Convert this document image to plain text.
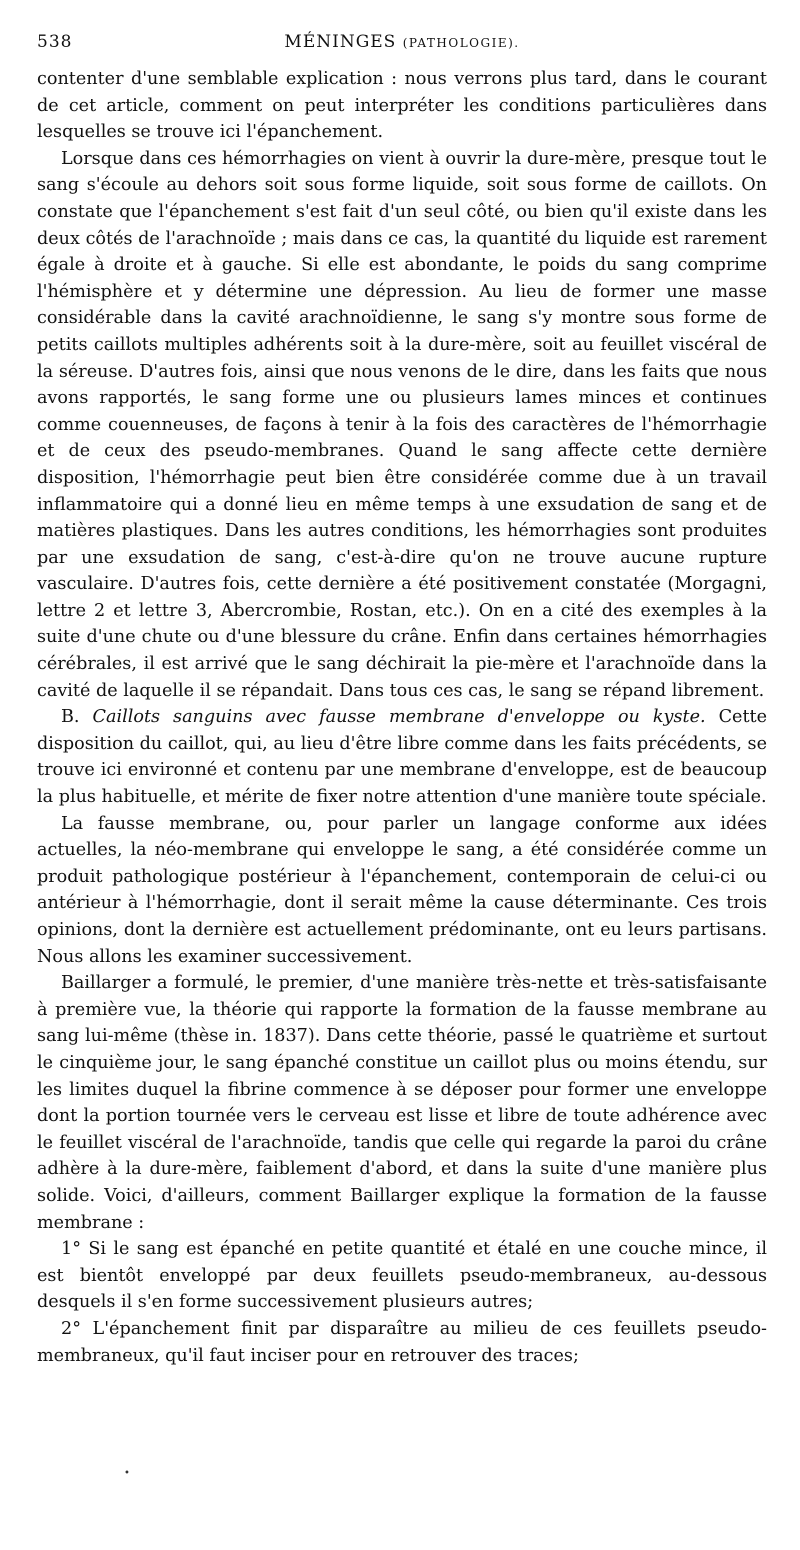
538	MÉNINGES (PATHOLOGIE).

contenter d'une semblable explication : nous verrons plus tard, dans le courant de cet article, comment on peut interpréter les conditions particulières dans lesquelles se trouve ici l'épanchement.

Lorsque dans ces hémorrhagies on vient à ouvrir la dure-mère, presque tout le sang s'écoule au dehors soit sous forme liquide, soit sous forme de caillots. On constate que l'épanchement s'est fait d'un seul côté, ou bien qu'il existe dans les deux côtés de l'arachnoïde ; mais dans ce cas, la quantité du liquide est rarement égale à droite et à gauche. Si elle est abondante, le poids du sang comprime l'hémisphère et y détermine une dépression. Au lieu de former une masse considérable dans la cavité arachnoïdienne, le sang s'y montre sous forme de petits caillots multiples adhérents soit à la dure-mère, soit au feuillet viscéral de la séreuse. D'autres fois, ainsi que nous venons de le dire, dans les faits que nous avons rapportés, le sang forme une ou plusieurs lames minces et continues comme couenneuses, de façons à tenir à la fois des caractères de l'hémorrhagie et de ceux des pseudo-membranes. Quand le sang affecte cette dernière disposition, l'hémorrhagie peut bien être considérée comme due à un travail inflammatoire qui a donné lieu en même temps à une exsudation de sang et de matières plastiques. Dans les autres conditions, les hémorrhagies sont produites par une exsudation de sang, c'est-à-dire qu'on ne trouve aucune rupture vasculaire. D'autres fois, cette dernière a été positivement constatée (Morgagni, lettre 2 et lettre 3, Abercrombie, Rostan, etc.). On en a cité des exemples à la suite d'une chute ou d'une blessure du crâne. Enfin dans certaines hémorrhagies cérébrales, il est arrivé que le sang déchirait la pie-mère et l'arachnoïde dans la cavité de laquelle il se répandait. Dans tous ces cas, le sang se répand librement.

B. Caillots sanguins avec fausse membrane d'enveloppe ou kyste. Cette disposition du caillot, qui, au lieu d'être libre comme dans les faits précédents, se trouve ici environné et contenu par une membrane d'enveloppe, est de beaucoup la plus habituelle, et mérite de fixer notre attention d'une manière toute spéciale.

La fausse membrane, ou, pour parler un langage conforme aux idées actuelles, la néo-membrane qui enveloppe le sang, a été considérée comme un produit pathologique postérieur à l'épanchement, contemporain de celui-ci ou antérieur à l'hémorrhagie, dont il serait même la cause déterminante. Ces trois opinions, dont la dernière est actuellement prédominante, ont eu leurs partisans. Nous allons les examiner successivement.

Baillarger a formulé, le premier, d'une manière très-nette et très-satisfaisante à première vue, la théorie qui rapporte la formation de la fausse membrane au sang lui-même (thèse in. 1837). Dans cette théorie, passé le quatrième et surtout le cinquième jour, le sang épanché constitue un caillot plus ou moins étendu, sur les limites duquel la fibrine commence à se déposer pour former une enveloppe dont la portion tournée vers le cerveau est lisse et libre de toute adhérence avec le feuillet viscéral de l'arachnoïde, tandis que celle qui regarde la paroi du crâne adhère à la dure-mère, faiblement d'abord, et dans la suite d'une manière plus solide. Voici, d'ailleurs, comment Baillarger explique la formation de la fausse membrane :

1° Si le sang est épanché en petite quantité et étalé en une couche mince, il est bientôt enveloppé par deux feuillets pseudo-membraneux, au-dessous desquels il s'en forme successivement plusieurs autres;

2° L'épanchement finit par disparaître au milieu de ces feuillets pseudo-membraneux, qu'il faut inciser pour en retrouver des traces;

•
